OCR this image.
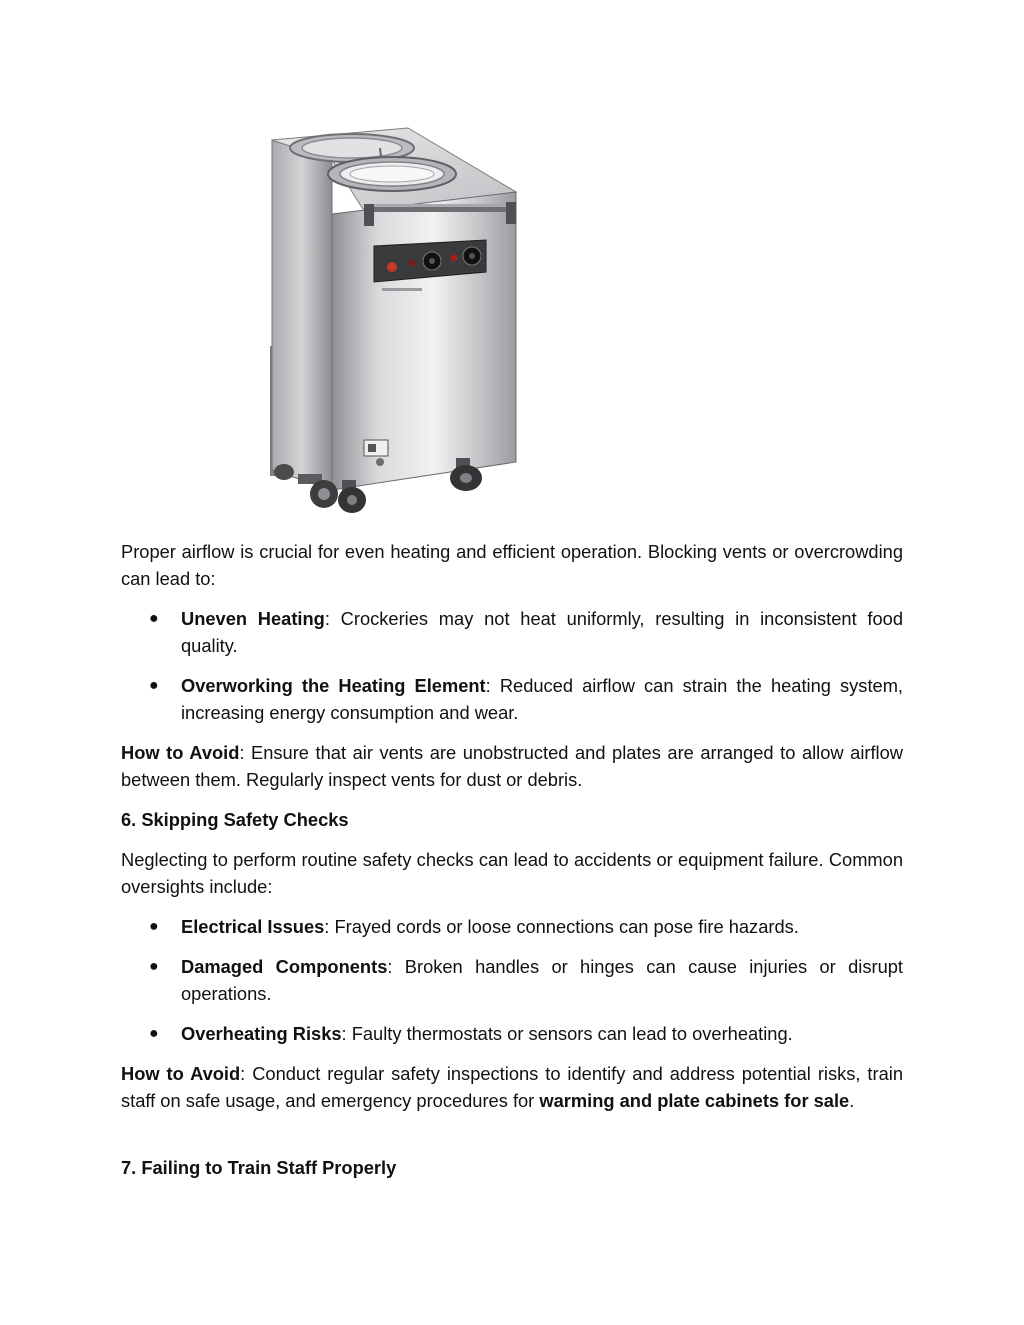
Proper airflow is crucial for even heating and efficient operation. Blocking vents or overcrowding can lead to:

● Uneven Heating: Crockeries may not heat uniformly, resulting in inconsistent food quality.
● Overworking the Heating Element: Reduced airflow can strain the heating system, increasing energy consumption and wear.

How to Avoid: Ensure that air vents are unobstructed and plates are arranged to allow airflow between them. Regularly inspect vents for dust or debris.

6. Skipping Safety Checks

Neglecting to perform routine safety checks can lead to accidents or equipment failure. Common oversights include:

● Electrical Issues: Frayed cords or loose connections can pose fire hazards.
● Damaged Components: Broken handles or hinges can cause injuries or disrupt operations.
● Overheating Risks: Faulty thermostats or sensors can lead to overheating.

How to Avoid: Conduct regular safety inspections to identify and address potential risks, train staff on safe usage, and emergency procedures for warming and plate cabinets for sale.

7. Failing to Train Staff Properly
